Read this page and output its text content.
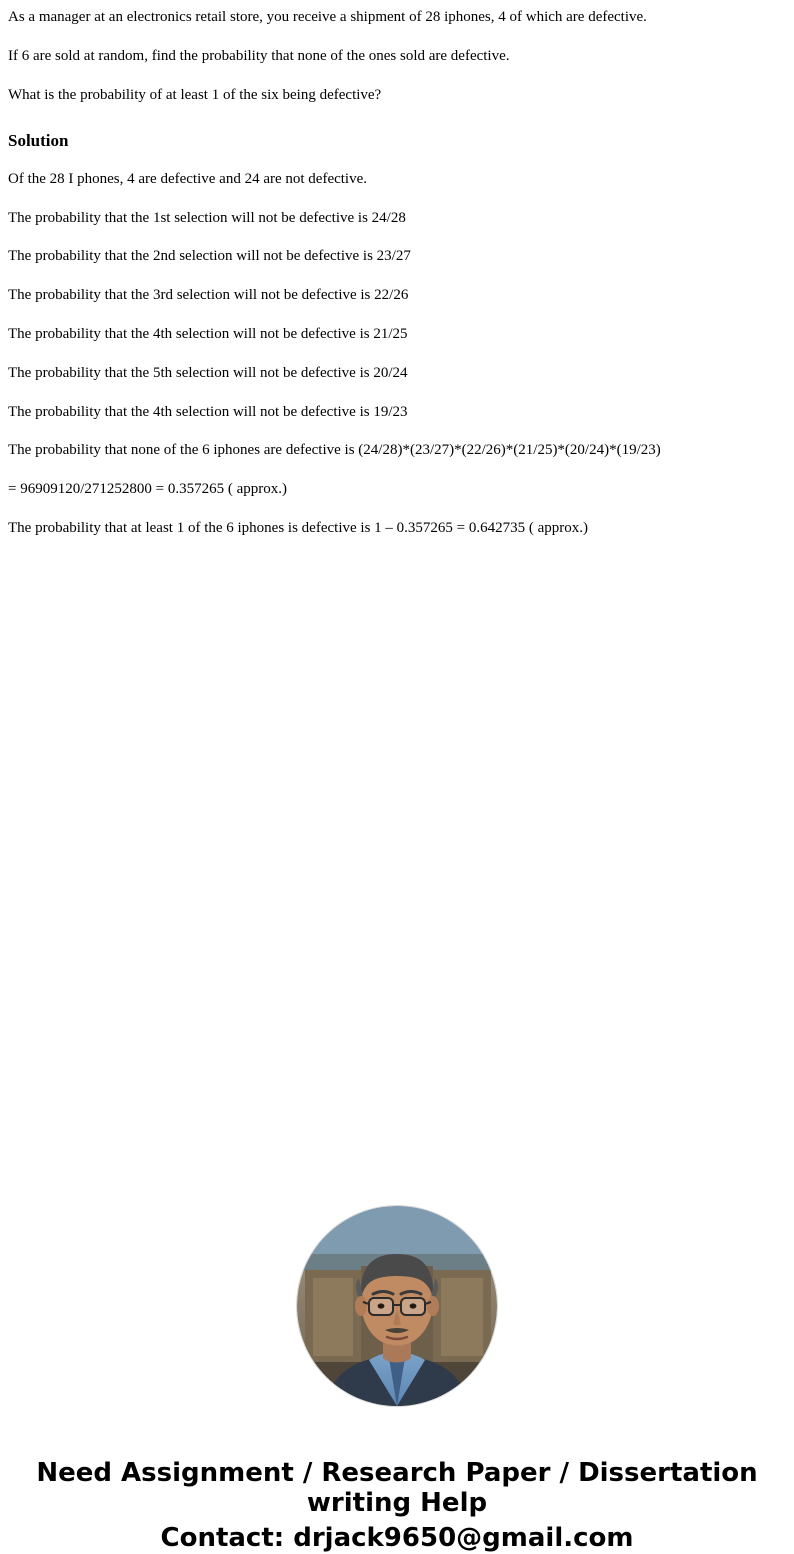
As a manager at an electronics retail store, you receive a shipment of 28 iphones, 4 of which are defective.

If 6 are sold at random, find the probability that none of the ones sold are defective.

What is the probability of at least 1 of the six being defective?

Solution

Of the 28 I phones, 4 are defective and 24 are not defective.

The probability that the 1st selection will not be defective is 24/28

The probability that the 2nd selection will not be defective is 23/27

The probability that the 3rd selection will not be defective is 22/26

The probability that the 4th selection will not be defective is 21/25

The probability that the 5th selection will not be defective is 20/24

The probability that the 4th selection will not be defective is 19/23

The probability that none of the 6 iphones are defective is (24/28)*(23/27)*(22/26)*(21/25)*(20/24)*(19/23)

= 96909120/271252800 = 0.357265 ( approx.)

The probability that at least 1 of the 6 iphones is defective is 1 – 0.357265 = 0.642735 ( approx.)

Need Assignment / Research Paper / Dissertation writing Help
Contact: drjack9650@gmail.com
